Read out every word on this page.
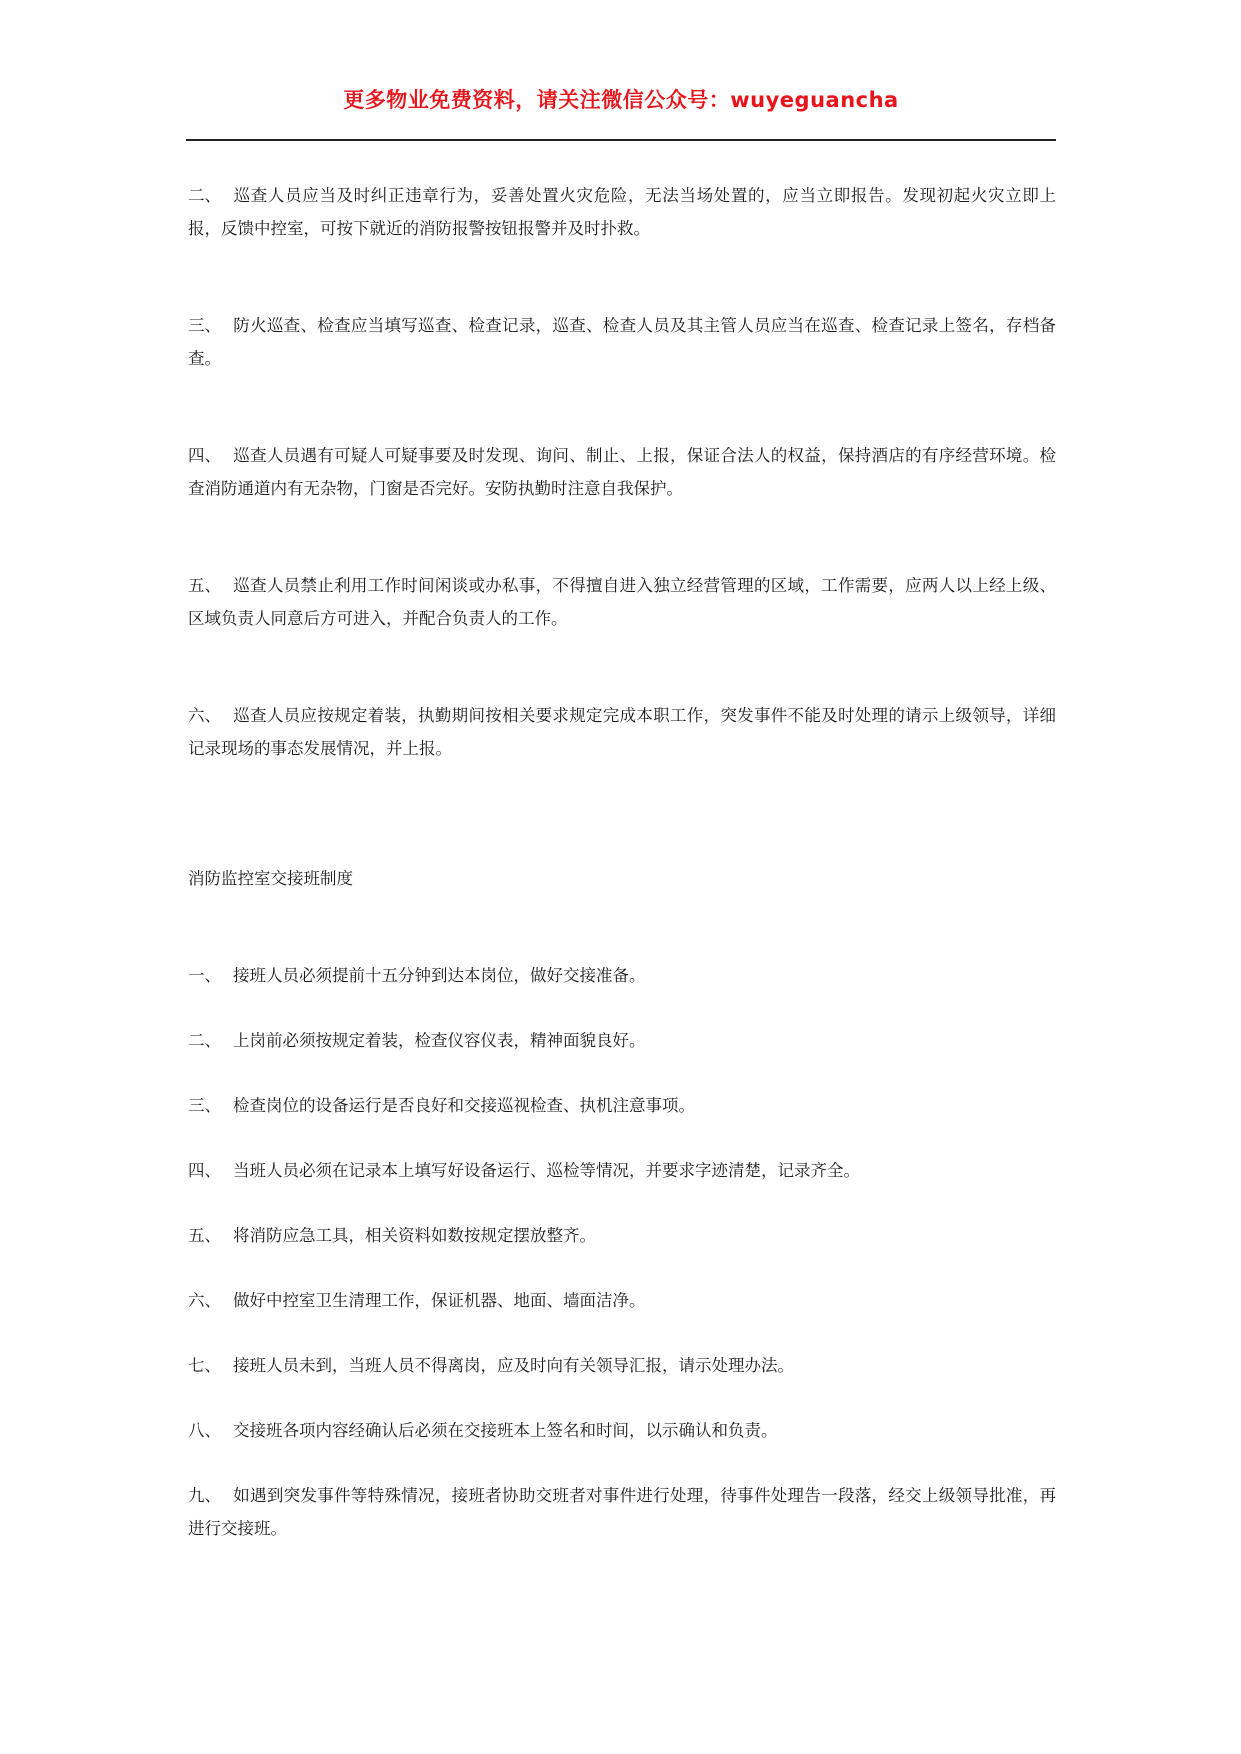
更多物业免费资料，请关注微信公众号：wuyeguancha

二、 巡查人员应当及时纠正违章行为，妥善处置火灾危险，无法当场处置的，应当立即报告。发现初起火灾立即上报，反馈中控室，可按下就近的消防报警按钮报警并及时扑救。

三、 防火巡查、检查应当填写巡查、检查记录，巡查、检查人员及其主管人员应当在巡查、检查记录上签名，存档备查。

四、 巡查人员遇有可疑人可疑事要及时发现、询问、制止、上报，保证合法人的权益，保持酒店的有序经营环境。检查消防通道内有无杂物，门窗是否完好。安防执勤时注意自我保护。

五、 巡查人员禁止利用工作时间闲谈或办私事，不得擅自进入独立经营管理的区域，工作需要，应两人以上经上级、区域负责人同意后方可进入，并配合负责人的工作。

六、 巡查人员应按规定着装，执勤期间按相关要求规定完成本职工作，突发事件不能及时处理的请示上级领导，详细记录现场的事态发展情况，并上报。

消防监控室交接班制度

一、 接班人员必须提前十五分钟到达本岗位，做好交接准备。

二、 上岗前必须按规定着装，检查仪容仪表，精神面貌良好。

三、 检查岗位的设备运行是否良好和交接巡视检查、执机注意事项。

四、 当班人员必须在记录本上填写好设备运行、巡检等情况，并要求字迹清楚，记录齐全。

五、 将消防应急工具，相关资料如数按规定摆放整齐。

六、 做好中控室卫生清理工作，保证机器、地面、墙面洁净。

七、 接班人员未到，当班人员不得离岗，应及时向有关领导汇报，请示处理办法。

八、 交接班各项内容经确认后必须在交接班本上签名和时间，以示确认和负责。

九、 如遇到突发事件等特殊情况，接班者协助交班者对事件进行处理，待事件处理告一段落，经交上级领导批准，再进行交接班。
